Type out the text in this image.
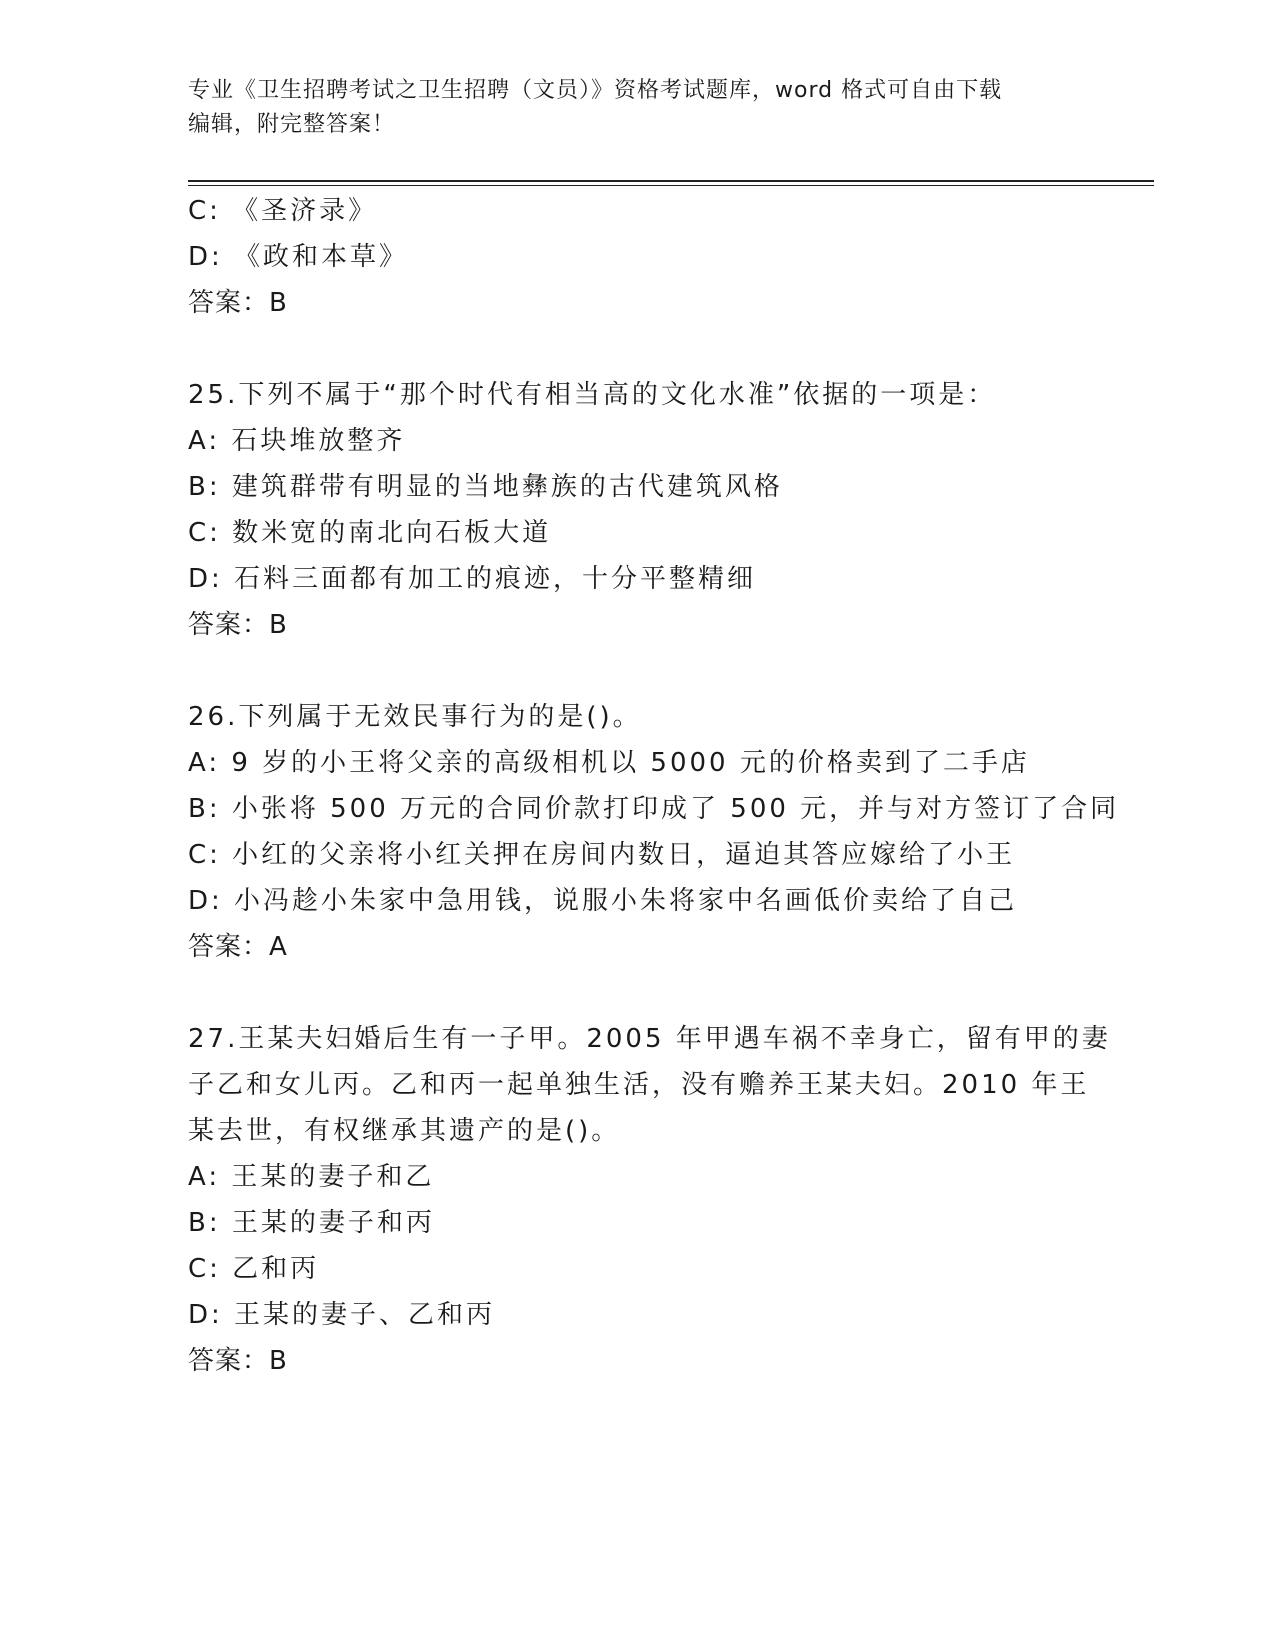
专业《卫生招聘考试之卫生招聘（文员）》资格考试题库，word 格式可自由下载
编辑，附完整答案！
C: 《圣济录》
D: 《政和本草》
答案：B
25.下列不属于“那个时代有相当高的文化水准”依据的一项是：
A: 石块堆放整齐
B: 建筑群带有明显的当地彝族的古代建筑风格
C: 数米宽的南北向石板大道
D: 石料三面都有加工的痕迹，十分平整精细
答案：B
26.下列属于无效民事行为的是()。
A: 9 岁的小王将父亲的高级相机以 5000 元的价格卖到了二手店
B: 小张将 500 万元的合同价款打印成了 500 元，并与对方签订了合同
C: 小红的父亲将小红关押在房间内数日，逼迫其答应嫁给了小王
D: 小冯趁小朱家中急用钱，说服小朱将家中名画低价卖给了自己
答案：A
27.王某夫妇婚后生有一子甲。2005 年甲遇车祸不幸身亡，留有甲的妻
子乙和女儿丙。乙和丙一起单独生活，没有赡养王某夫妇。2010 年王
某去世，有权继承其遗产的是()。
A: 王某的妻子和乙
B: 王某的妻子和丙
C: 乙和丙
D: 王某的妻子、乙和丙
答案：B
